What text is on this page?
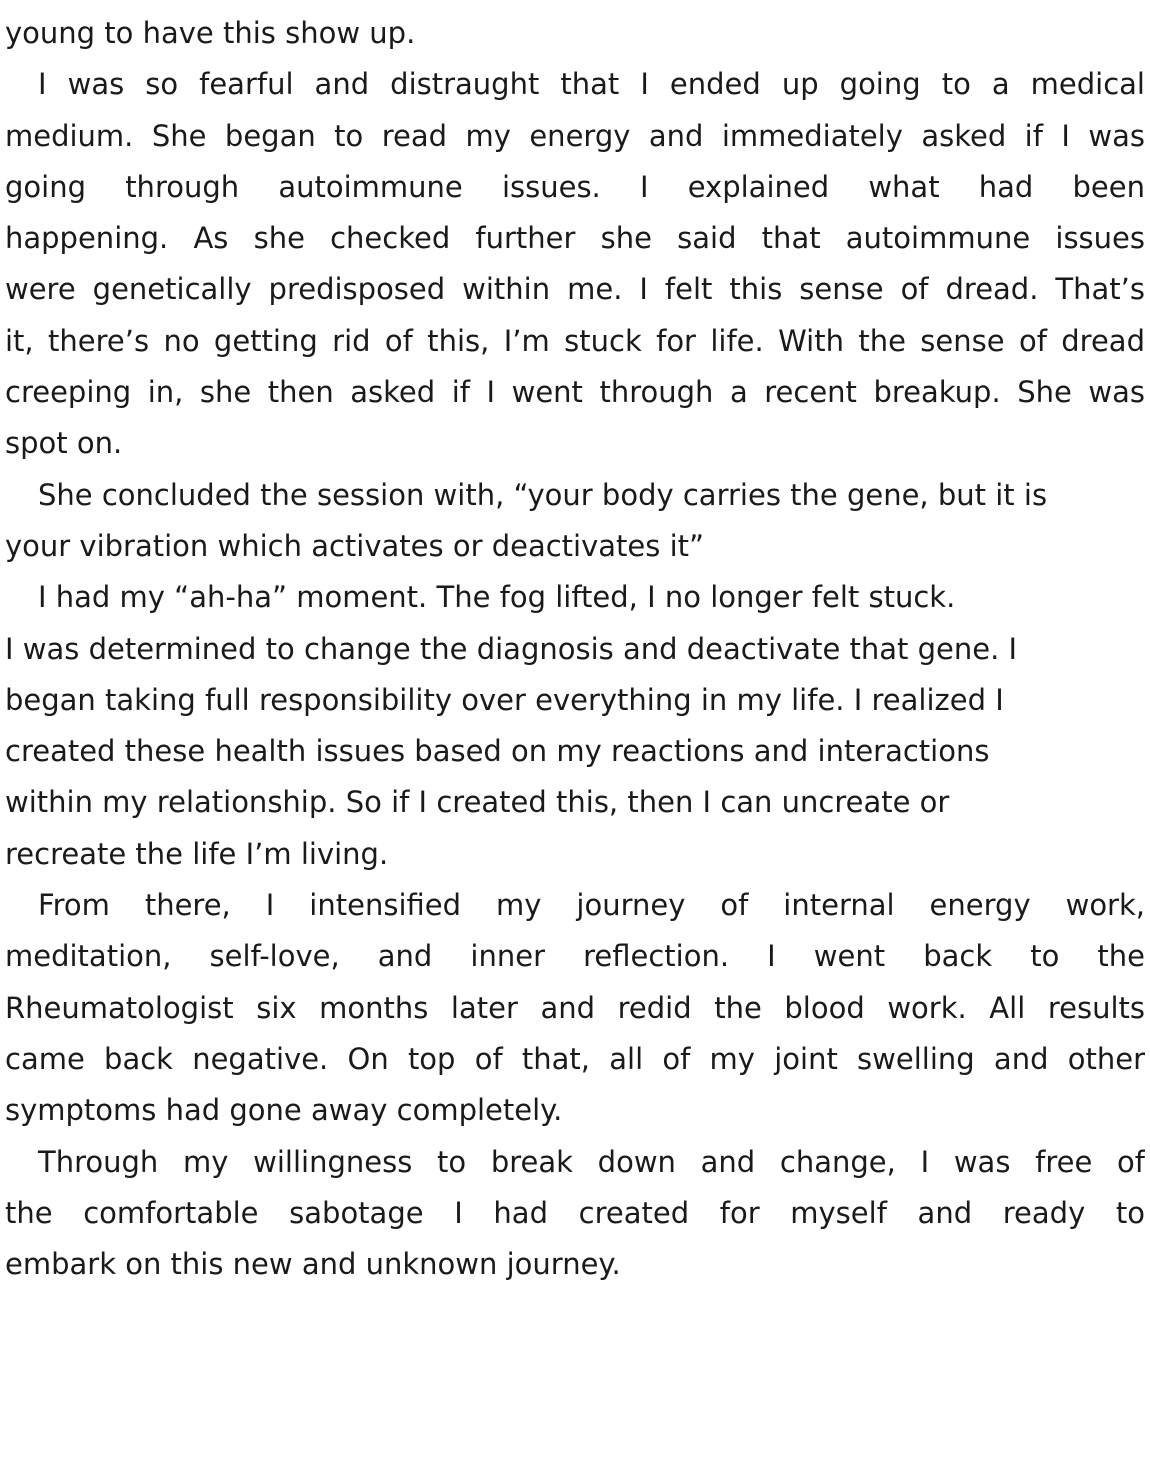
young to have this show up.
I was so fearful and distraught that I ended up going to a medical
medium. She began to read my energy and immediately asked if I was
going through autoimmune issues. I explained what had been
happening. As she checked further she said that autoimmune issues
were genetically predisposed within me. I felt this sense of dread. That’s
it, there’s no getting rid of this, I’m stuck for life. With the sense of dread
creeping in, she then asked if I went through a recent breakup. She was
spot on.
She concluded the session with, “your body carries the gene, but it is
your vibration which activates or deactivates it”
I had my “ah-ha” moment. The fog lifted, I no longer felt stuck.
I was determined to change the diagnosis and deactivate that gene. I
began taking full responsibility over everything in my life. I realized I
created these health issues based on my reactions and interactions
within my relationship. So if I created this, then I can uncreate or
recreate the life I’m living.
From there, I intensified my journey of internal energy work,
meditation, self-love, and inner reflection. I went back to the
Rheumatologist six months later and redid the blood work. All results
came back negative. On top of that, all of my joint swelling and other
symptoms had gone away completely.
Through my willingness to break down and change, I was free of
the comfortable sabotage I had created for myself and ready to
embark on this new and unknown journey.
